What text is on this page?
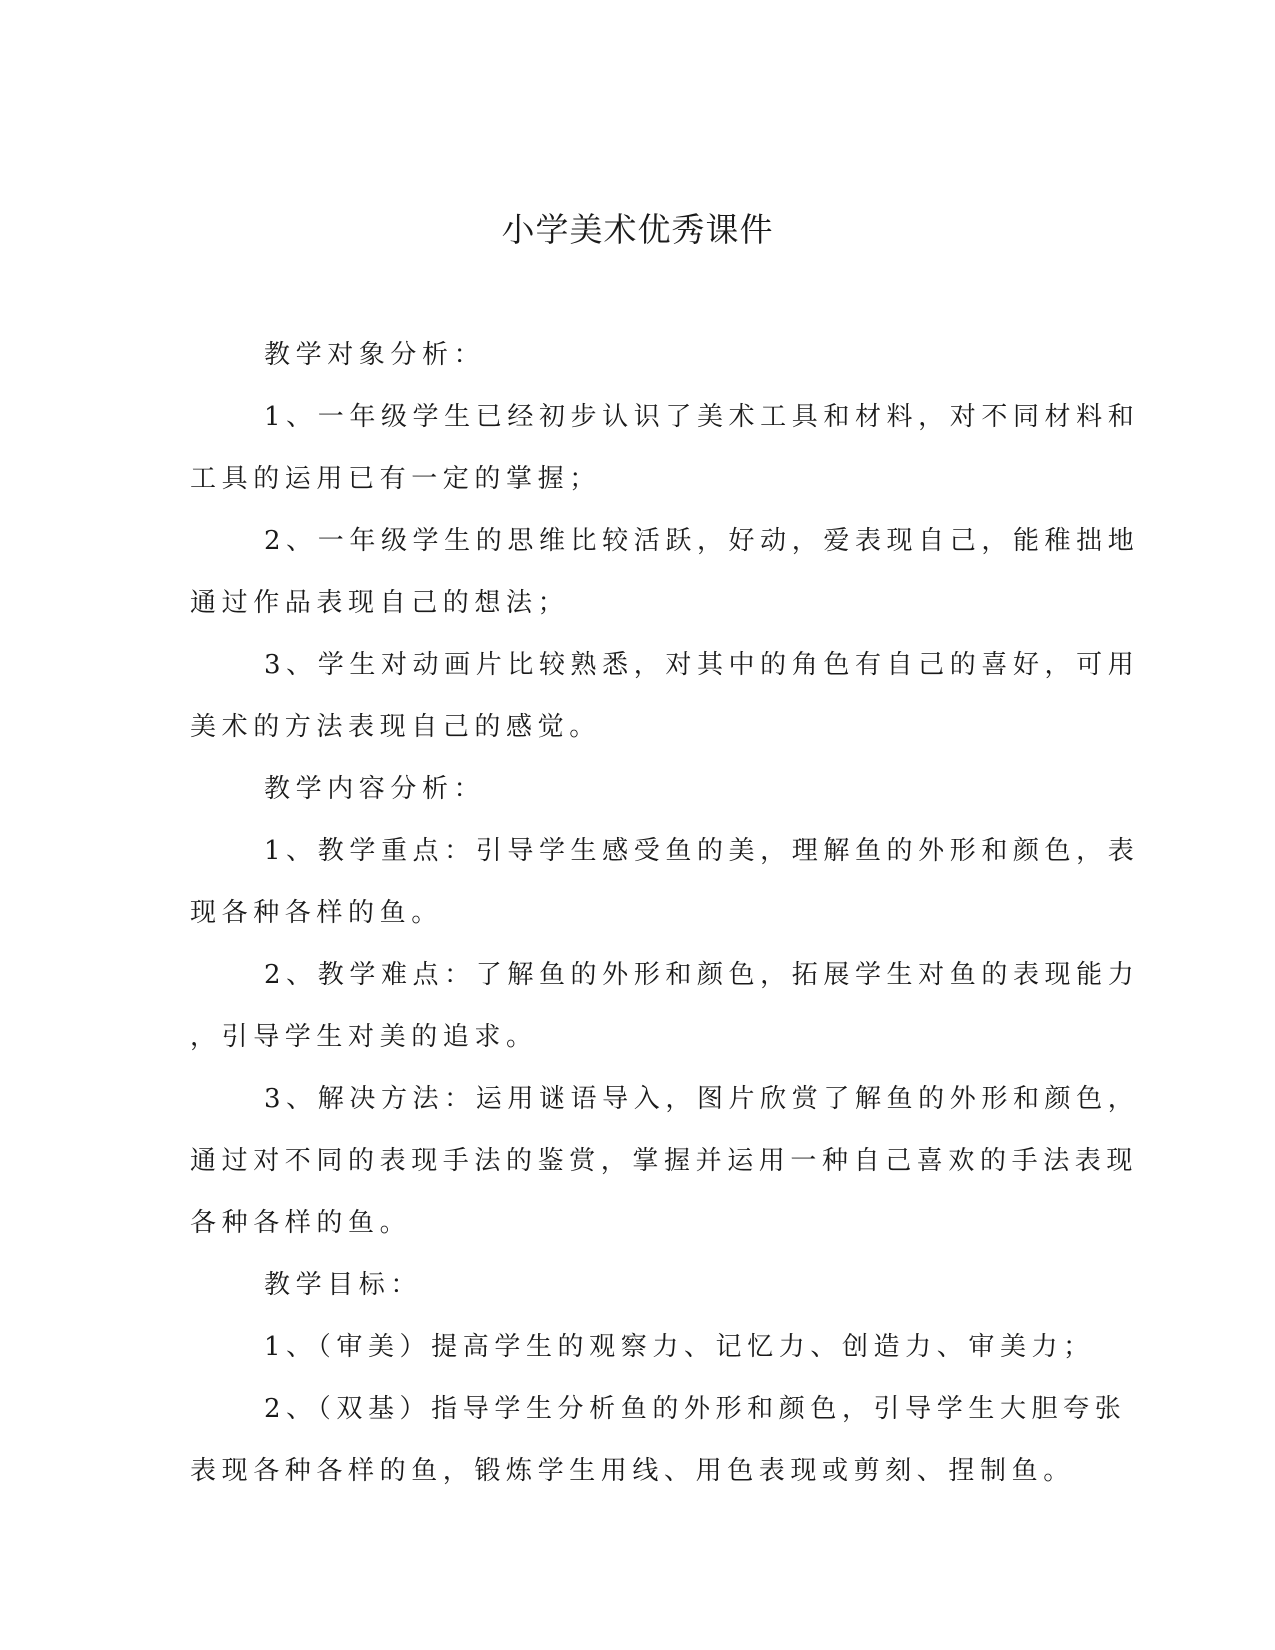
小学美术优秀课件
教学对象分析：
1、一年级学生已经初步认识了美术工具和材料，对不同材料和
工具的运用已有一定的掌握；
2、一年级学生的思维比较活跃，好动，爱表现自己，能稚拙地
通过作品表现自己的想法；
3、学生对动画片比较熟悉，对其中的角色有自己的喜好，可用
美术的方法表现自己的感觉。
教学内容分析：
1、教学重点：引导学生感受鱼的美，理解鱼的外形和颜色，表
现各种各样的鱼。
2、教学难点：了解鱼的外形和颜色，拓展学生对鱼的表现能力
，引导学生对美的追求。
3、解决方法：运用谜语导入，图片欣赏了解鱼的外形和颜色，
通过对不同的表现手法的鉴赏，掌握并运用一种自己喜欢的手法表现
各种各样的鱼。
教学目标：
1、（审美）提高学生的观察力、记忆力、创造力、审美力；
2、（双基）指导学生分析鱼的外形和颜色，引导学生大胆夸张
表现各种各样的鱼，锻炼学生用线、用色表现或剪刻、捏制鱼。
